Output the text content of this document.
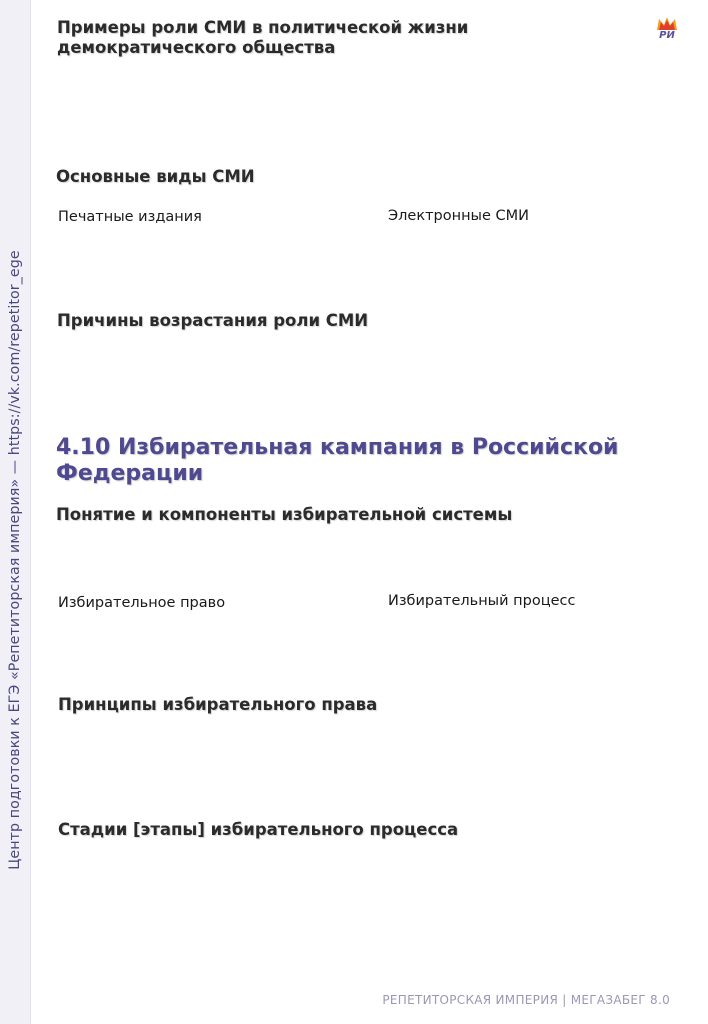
Центр подготовки к ЕГЭ «Репетиторская империя» — https://vk.com/repetitor_ege
Примеры роли СМИ в политической жизни демократического общества
РИ
Основные виды СМИ
Печатные издания	Электронные СМИ
Причины возрастания роли СМИ
4.10 Избирательная кампания в Российской Федерации
Понятие и компоненты избирательной системы
Избирательное право	Избирательный процесс
Принципы избирательного права
Стадии [этапы] избирательного процесса
РЕПЕТИТОРСКАЯ ИМПЕРИЯ | МЕГАЗАБЕГ 8.0
